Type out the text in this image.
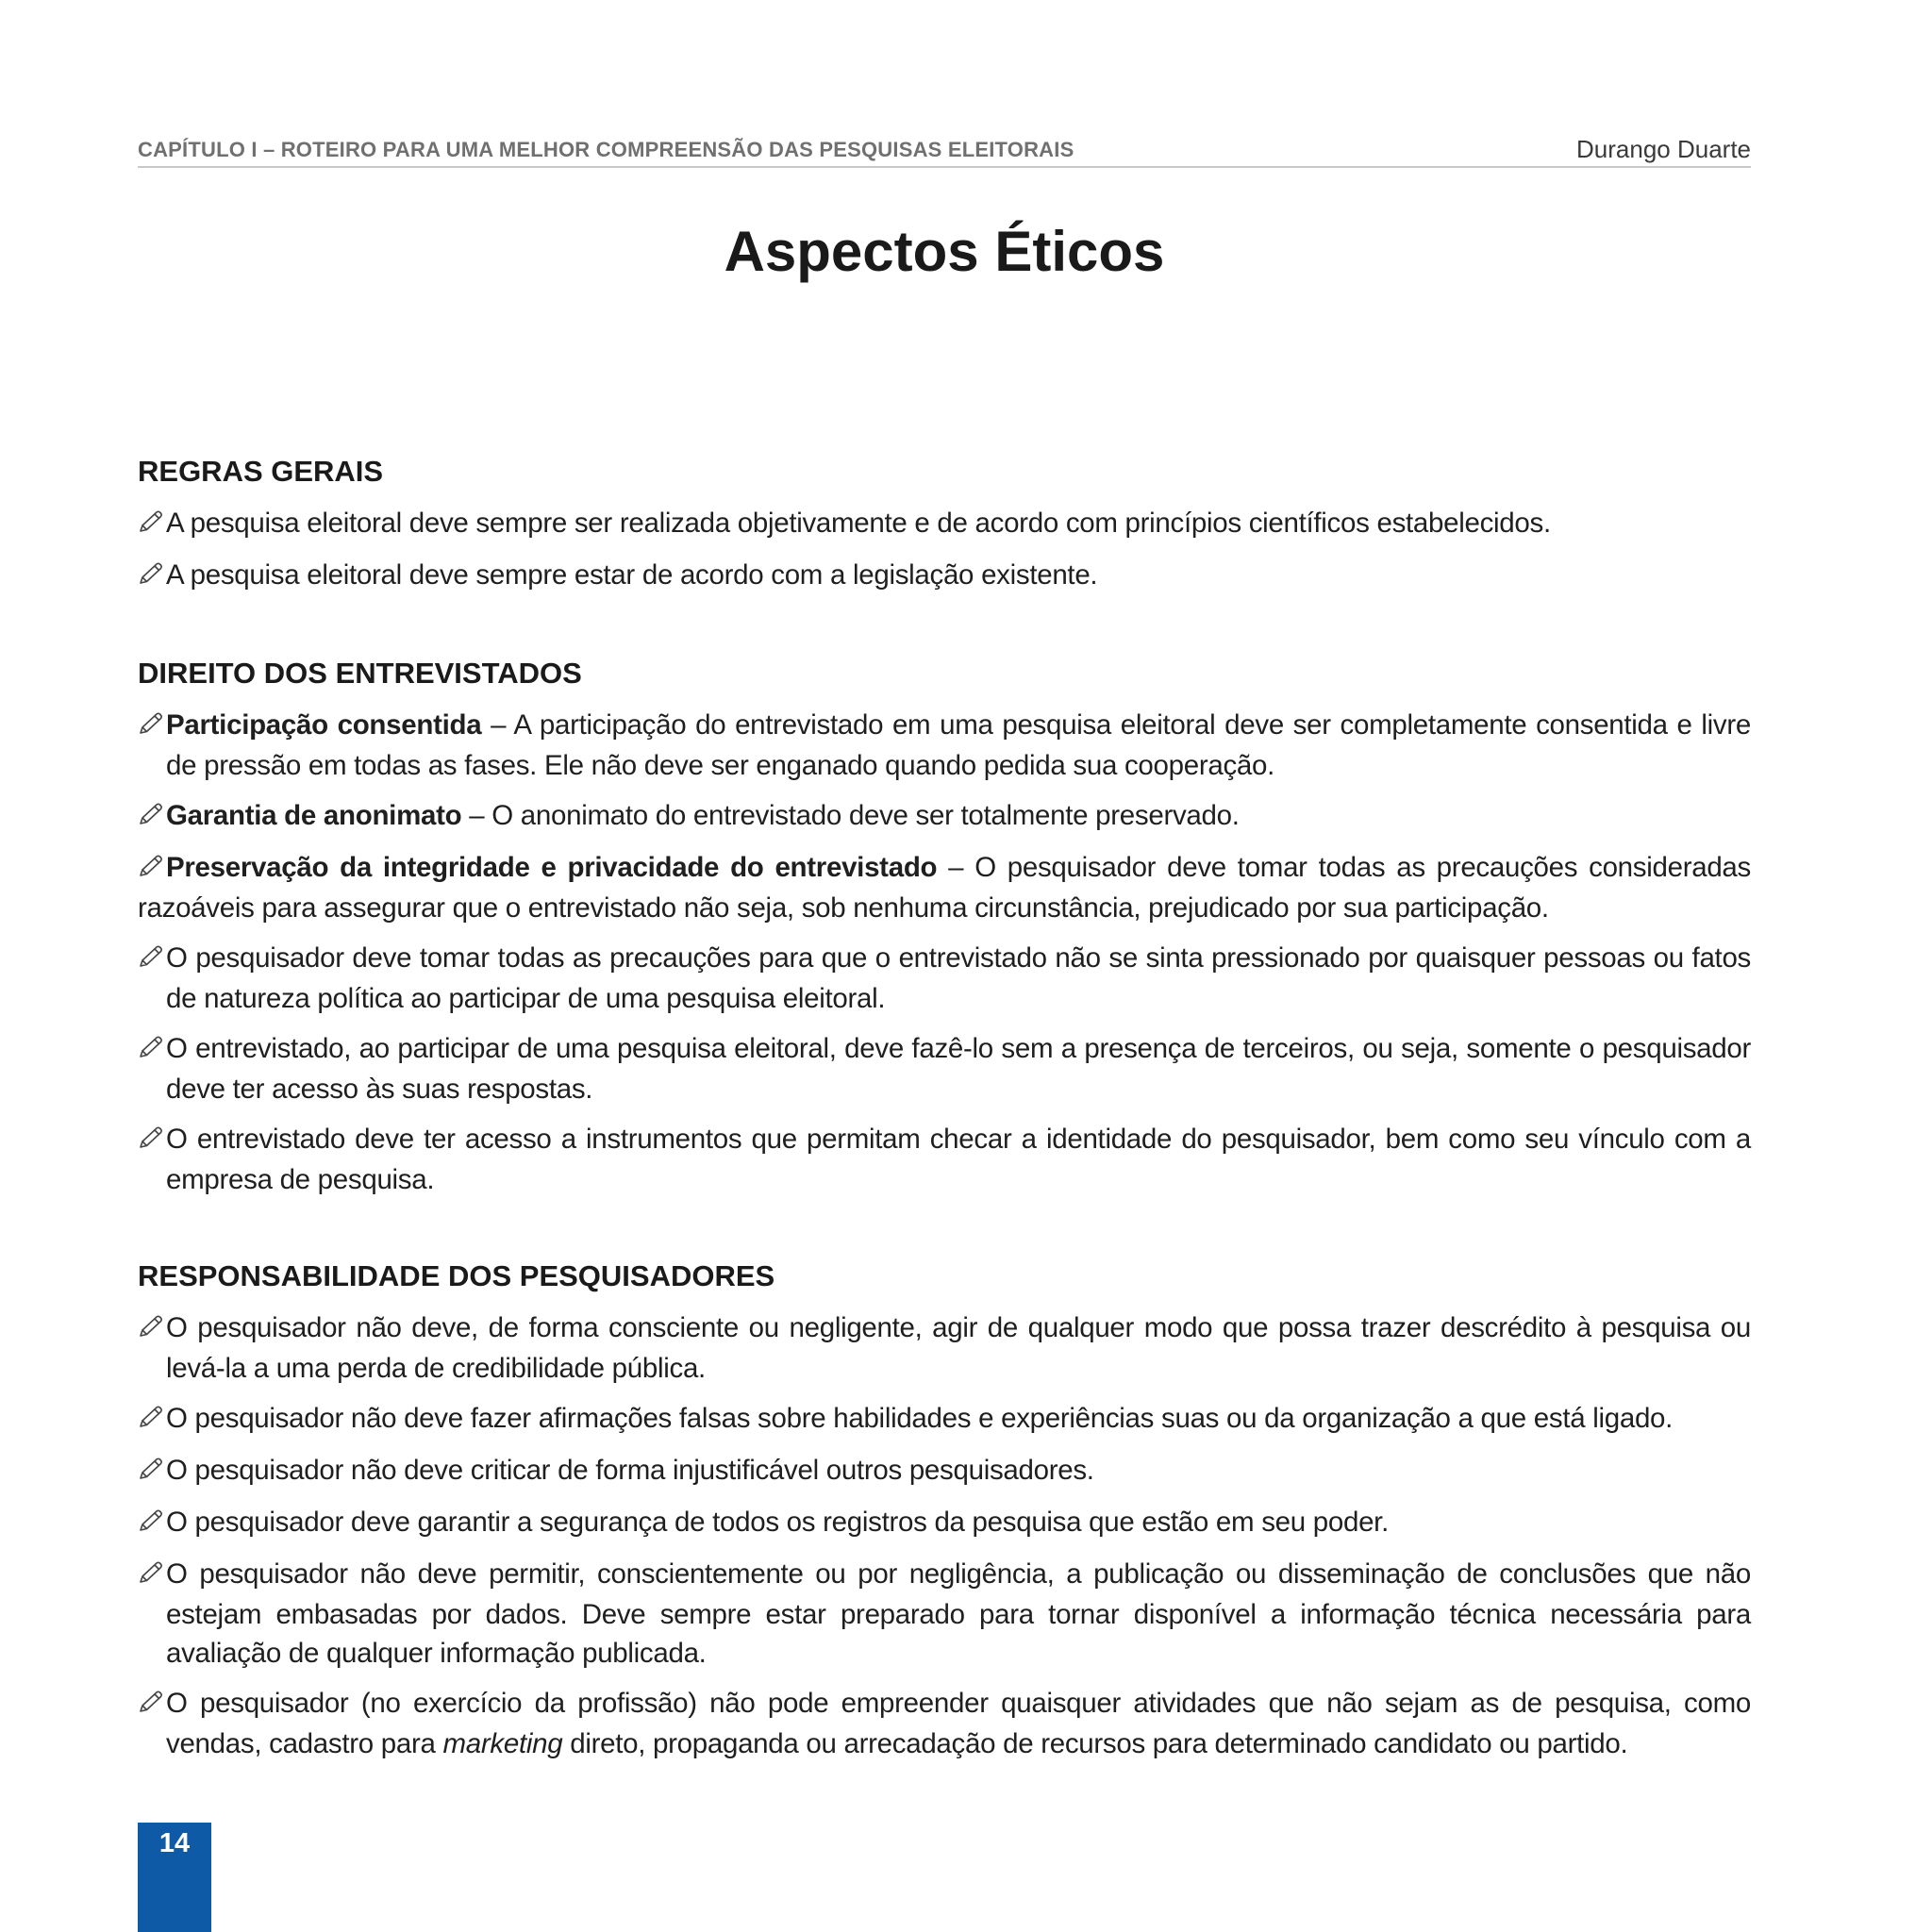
CAPÍTULO I – ROTEIRO PARA UMA MELHOR COMPREENSÃO DAS PESQUISAS ELEITORAIS	Durango Duarte
Aspectos Éticos
REGRAS GERAIS

A pesquisa eleitoral deve sempre ser realizada objetivamente e de acordo com princípios científicos estabelecidos.

A pesquisa eleitoral deve sempre estar de acordo com a legislação existente.

DIREITO DOS ENTREVISTADOS

Participação consentida – A participação do entrevistado em uma pesquisa eleitoral deve ser completamente consentida e livre de pressão em todas as fases. Ele não deve ser enganado quando pedida sua cooperação.

Garantia de anonimato – O anonimato do entrevistado deve ser totalmente preservado.

Preservação da integridade e privacidade do entrevistado – O pesquisador deve tomar todas as precauções consideradas razoáveis para assegurar que o entrevistado não seja, sob nenhuma circunstância, prejudicado por sua participação.

O pesquisador deve tomar todas as precauções para que o entrevistado não se sinta pressionado por quaisquer pessoas ou fatos de natureza política ao participar de uma pesquisa eleitoral.

O entrevistado, ao participar de uma pesquisa eleitoral, deve fazê-lo sem a presença de terceiros, ou seja, somente o pesquisador deve ter acesso às suas respostas.

O entrevistado deve ter acesso a instrumentos que permitam checar a identidade do pesquisador, bem como seu vínculo com a empresa de pesquisa.

RESPONSABILIDADE DOS PESQUISADORES

O pesquisador não deve, de forma consciente ou negligente, agir de qualquer modo que possa trazer descrédito à pesquisa ou levá-la a uma perda de credibilidade pública.

O pesquisador não deve fazer afirmações falsas sobre habilidades e experiências suas ou da organização a que está ligado.

O pesquisador não deve criticar de forma injustificável outros pesquisadores.

O pesquisador deve garantir a segurança de todos os registros da pesquisa que estão em seu poder.

O pesquisador não deve permitir, conscientemente ou por negligência, a publicação ou disseminação de conclusões que não estejam embasadas por dados. Deve sempre estar preparado para tornar disponível a informação técnica necessária para avaliação de qualquer informação publicada.

O pesquisador (no exercício da profissão) não pode empreender quaisquer atividades que não sejam as de pesquisa, como vendas, cadastro para marketing direto, propaganda ou arrecadação de recursos para determinado candidato ou partido.

14
